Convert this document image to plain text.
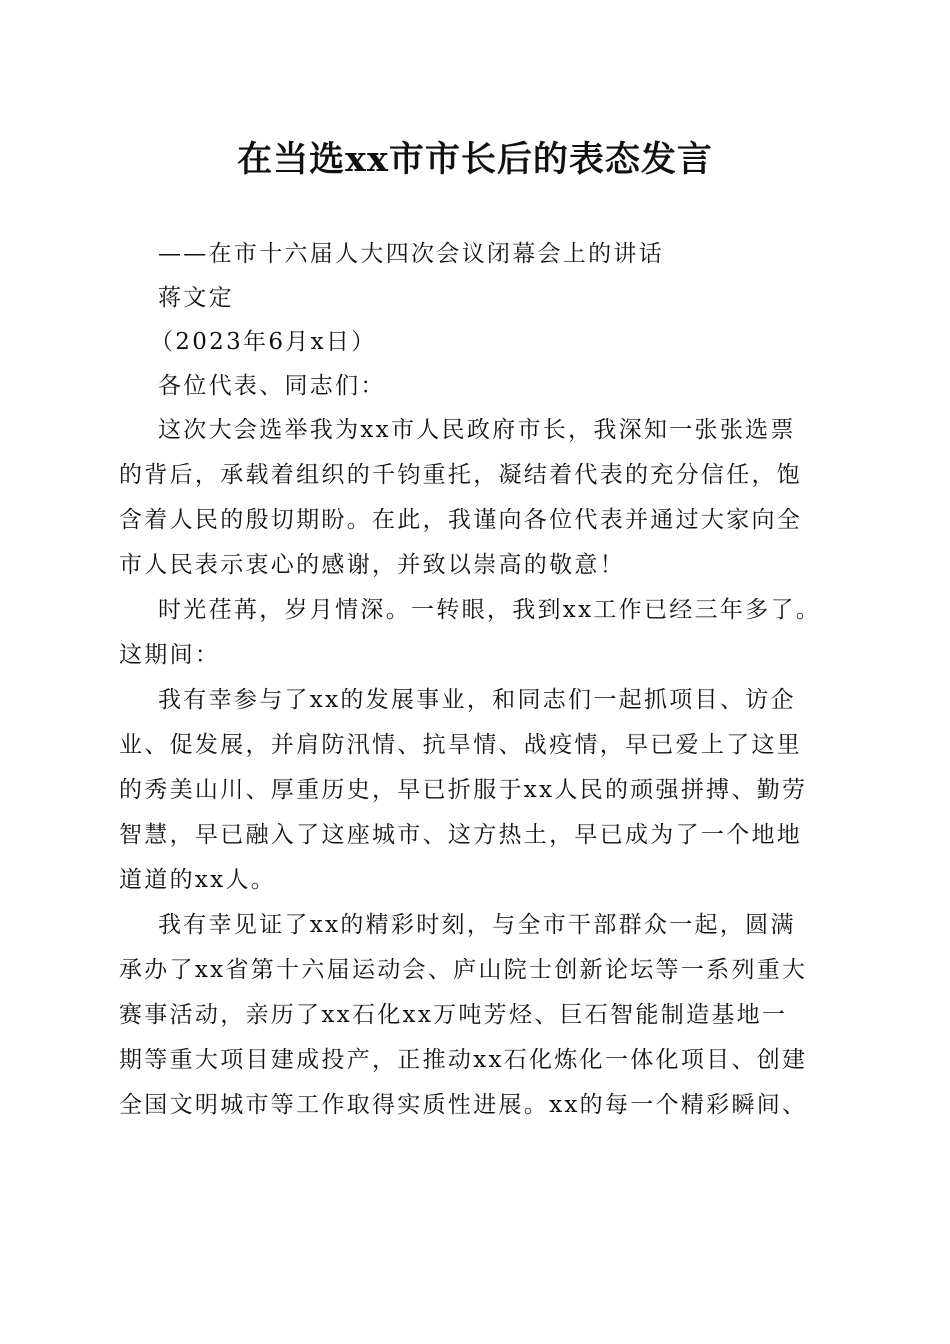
在当选xx市市长后的表态发言

——在市十六届人大四次会议闭幕会上的讲话

蒋文定

（2023年6月x日）

各位代表、同志们：

这次大会选举我为xx市人民政府市长，我深知一张张选票

的背后，承载着组织的千钧重托，凝结着代表的充分信任，饱

含着人民的殷切期盼。在此，我谨向各位代表并通过大家向全

市人民表示衷心的感谢，并致以崇高的敬意！

时光荏苒，岁月情深。一转眼，我到xx工作已经三年多了。

这期间：

我有幸参与了xx的发展事业，和同志们一起抓项目、访企

业、促发展，并肩防汛情、抗旱情、战疫情，早已爱上了这里

的秀美山川、厚重历史，早已折服于xx人民的顽强拼搏、勤劳

智慧，早已融入了这座城市、这方热土，早已成为了一个地地

道道的xx人。

我有幸见证了xx的精彩时刻，与全市干部群众一起，圆满

承办了xx省第十六届运动会、庐山院士创新论坛等一系列重大

赛事活动，亲历了xx石化xx万吨芳烃、巨石智能制造基地一

期等重大项目建成投产，正推动xx石化炼化一体化项目、创建

全国文明城市等工作取得实质性进展。xx的每一个精彩瞬间、
